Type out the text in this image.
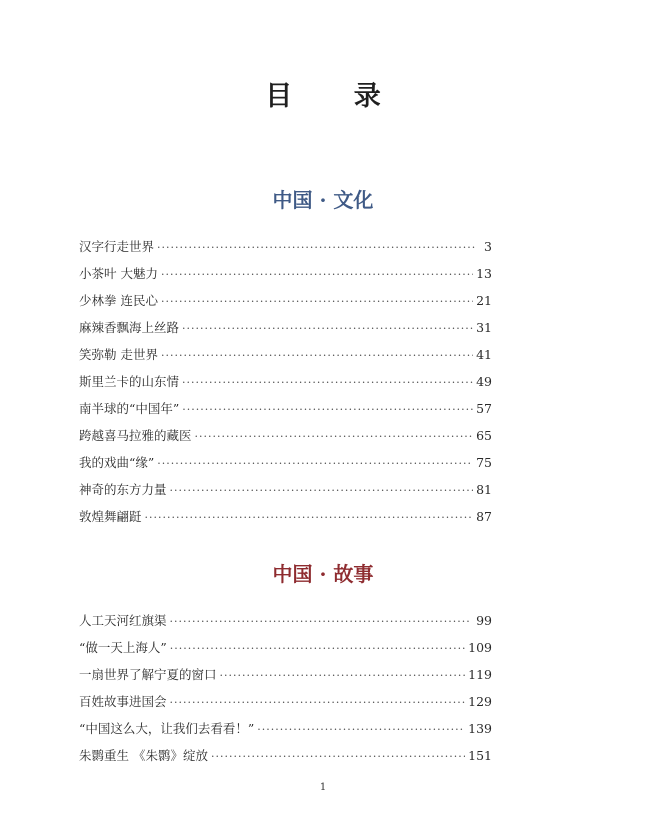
目 录
中国 · 文化
汉字行走世界 ·····	3
小茶叶 大魅力 ·····	13
少林拳 连民心 ·····	21
麻辣香飘海上丝路 ·····	31
笑弥勒 走世界 ·····	41
斯里兰卡的山东情 ·····	49
南半球的“中国年” ·····	57
跨越喜马拉雅的藏医 ·····	65
我的戏曲“缘” ·····	75
神奇的东方力量 ·····	81
敦煌舞翩跹 ·····	87
中国 · 故事
人工天河红旗渠 ·····	99
“做一天上海人” ·····	109
一扇世界了解宁夏的窗口 ·····	119
百姓故事进国会 ·····	129
“中国这么大，让我们去看看！” ·····	139
朱鹮重生 《朱鹮》绽放 ·····	151
1
